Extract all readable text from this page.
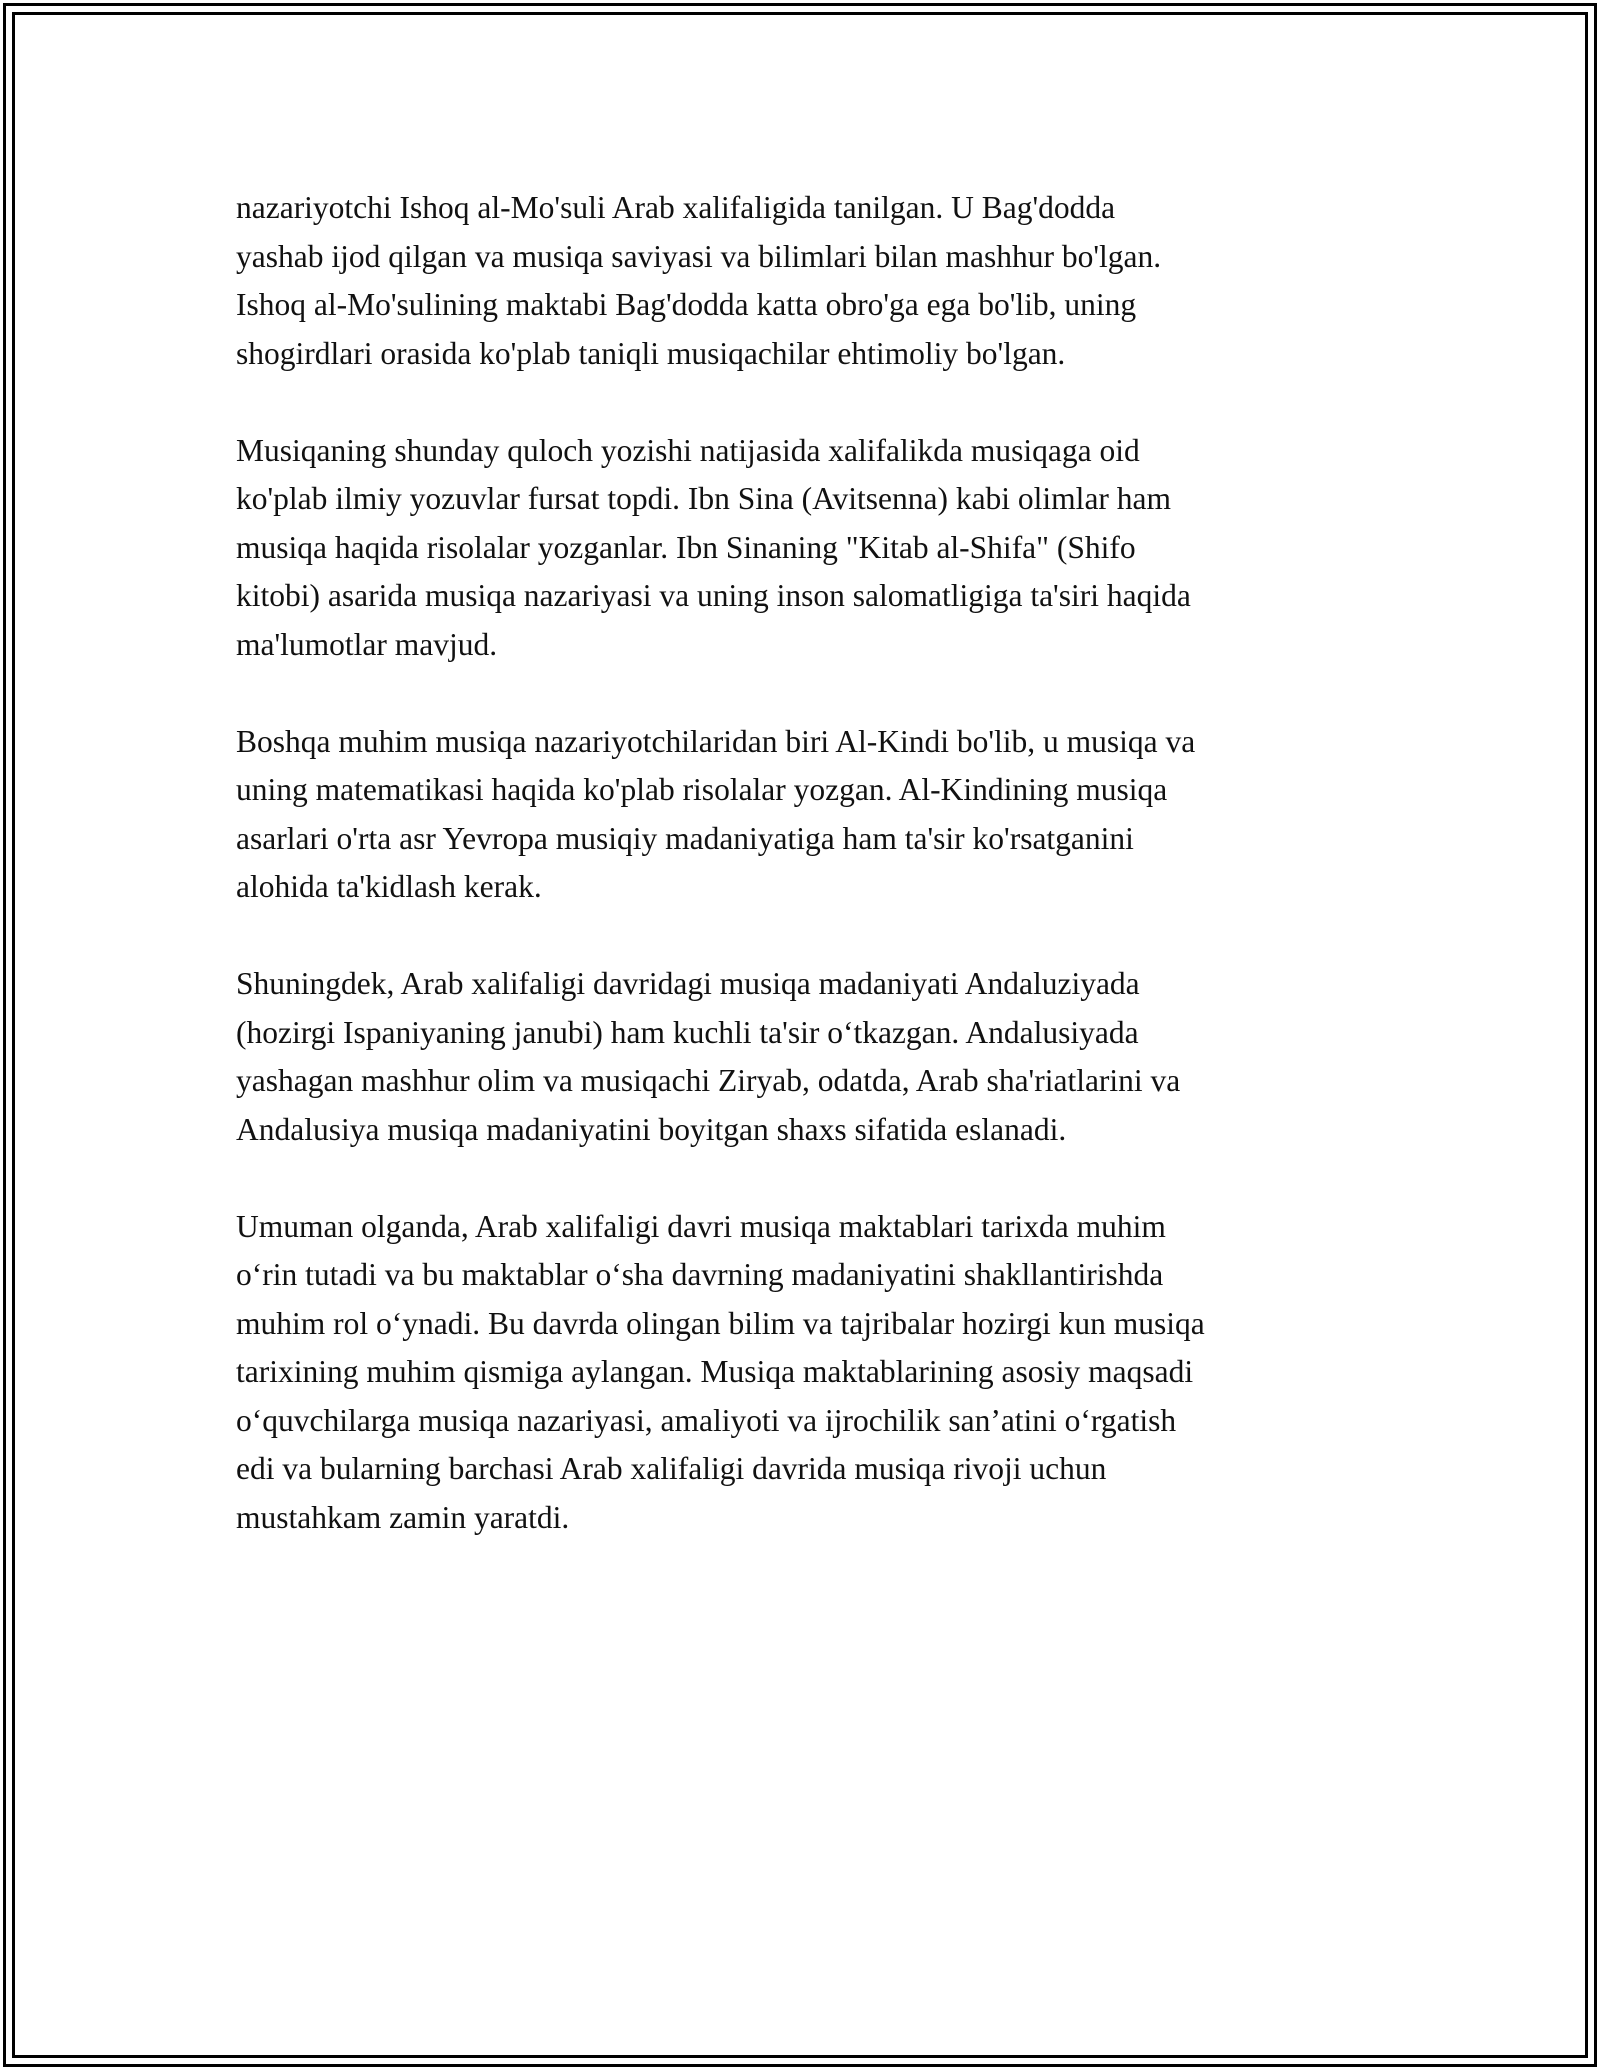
nazariyotchi Ishoq al-Mo'suli Arab xalifaligida tanilgan. U Bag'dodda
yashab ijod qilgan va musiqa saviyasi va bilimlari bilan mashhur bo'lgan.
Ishoq al-Mo'sulining maktabi Bag'dodda katta obro'ga ega bo'lib, uning
shogirdlari orasida ko'plab taniqli musiqachilar ehtimoliy bo'lgan.

Musiqaning shunday quloch yozishi natijasida xalifalikda musiqaga oid
ko'plab ilmiy yozuvlar fursat topdi. Ibn Sina (Avitsenna) kabi olimlar ham
musiqa haqida risolalar yozganlar. Ibn Sinaning "Kitab al-Shifa" (Shifo
kitobi) asarida musiqa nazariyasi va uning inson salomatligiga ta'siri haqida
ma'lumotlar mavjud.

Boshqa muhim musiqa nazariyotchilaridan biri Al-Kindi bo'lib, u musiqa va
uning matematikasi haqida ko'plab risolalar yozgan. Al-Kindining musiqa
asarlari o'rta asr Yevropa musiqiy madaniyatiga ham ta'sir ko'rsatganini
alohida ta'kidlash kerak.

Shuningdek, Arab xalifaligi davridagi musiqa madaniyati Andaluziyada
(hozirgi Ispaniyaning janubi) ham kuchli ta'sir o‘tkazgan. Andalusiyada
yashagan mashhur olim va musiqachi Ziryab, odatda, Arab sha'riatlarini va
Andalusiya musiqa madaniyatini boyitgan shaxs sifatida eslanadi.

Umuman olganda, Arab xalifaligi davri musiqa maktablari tarixda muhim
o‘rin tutadi va bu maktablar o‘sha davrning madaniyatini shakllantirishda
muhim rol o‘ynadi. Bu davrda olingan bilim va tajribalar hozirgi kun musiqa
tarixining muhim qismiga aylangan. Musiqa maktablarining asosiy maqsadi
o‘quvchilarga musiqa nazariyasi, amaliyoti va ijrochilik san’atini o‘rgatish
edi va bularning barchasi Arab xalifaligi davrida musiqa rivoji uchun
mustahkam zamin yaratdi.
